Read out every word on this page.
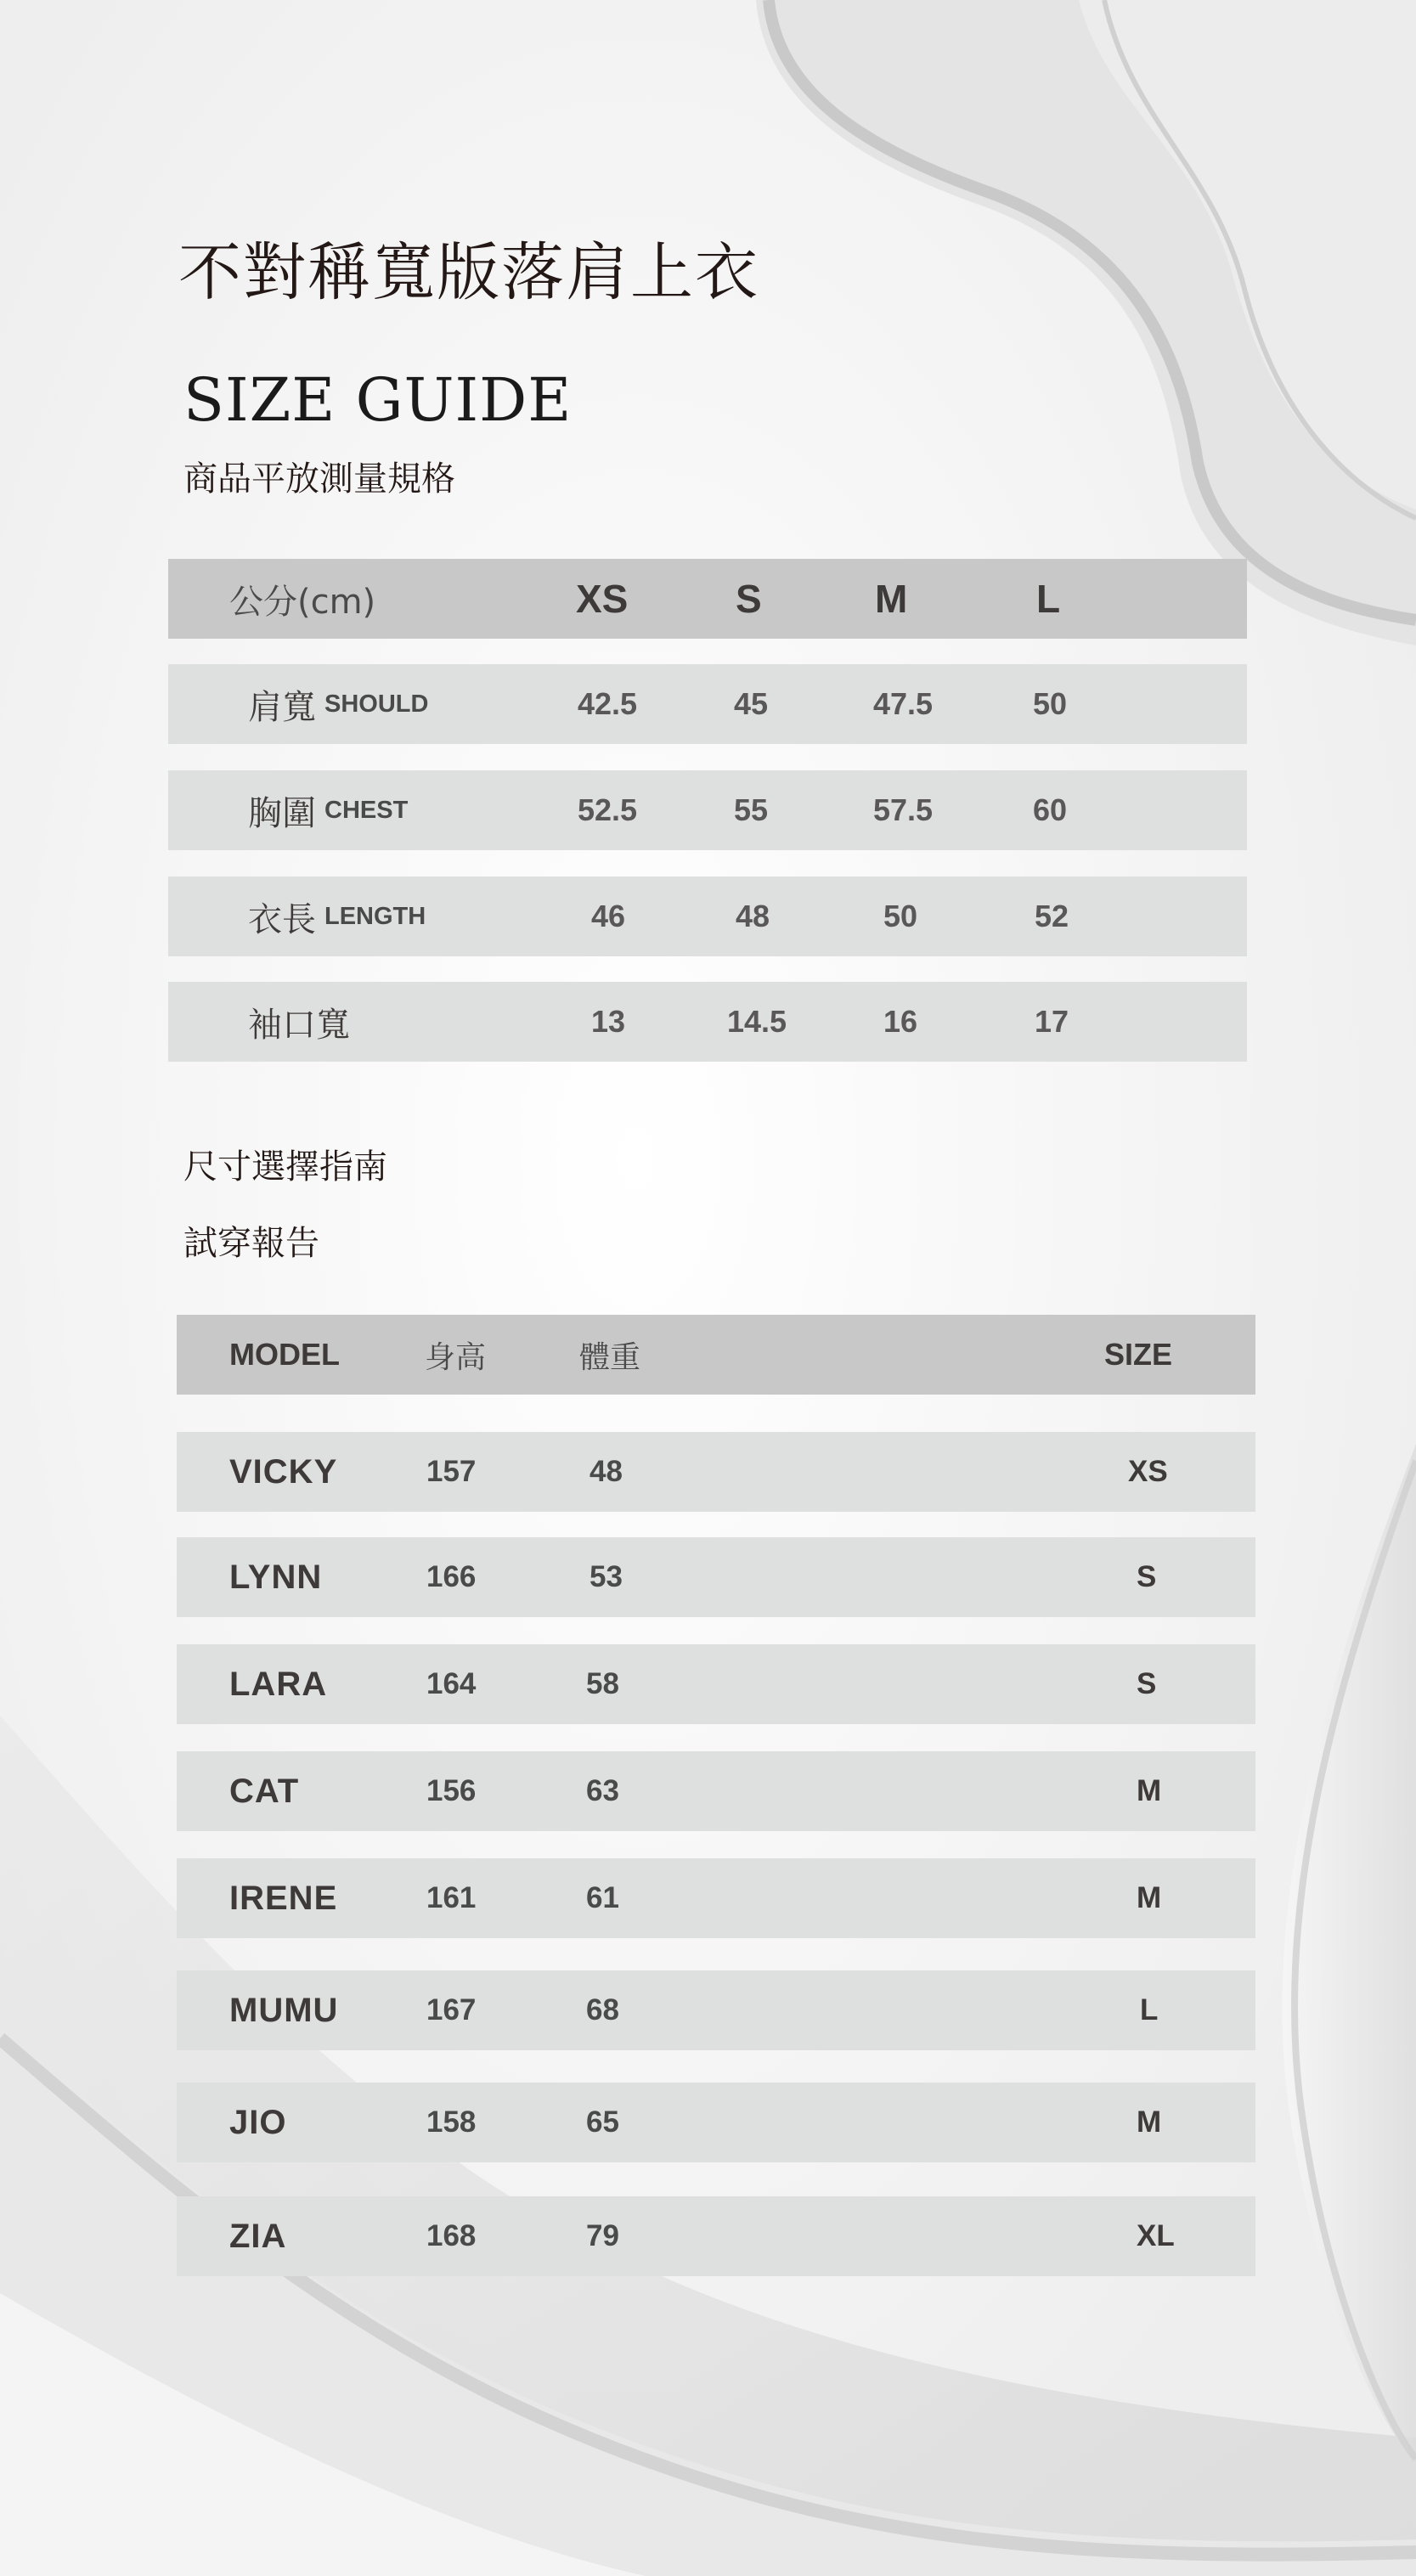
不對稱寬版落肩上衣
SIZE GUIDE
商品平放測量規格
公分(cm)	XS	S	M	L
肩寬 SHOULD	42.5	45	47.5	50
胸圍 CHEST	52.5	55	57.5	60
衣長 LENGTH	46	48	50	52
袖口寬	13	14.5	16	17
尺寸選擇指南
試穿報告
MODEL	身高	體重	SIZE
VICKY	157	48	XS
LYNN	166	53	S
LARA	164	58	S
CAT	156	63	M
IRENE	161	61	M
MUMU	167	68	L
JIO	158	65	M
ZIA	168	79	XL
